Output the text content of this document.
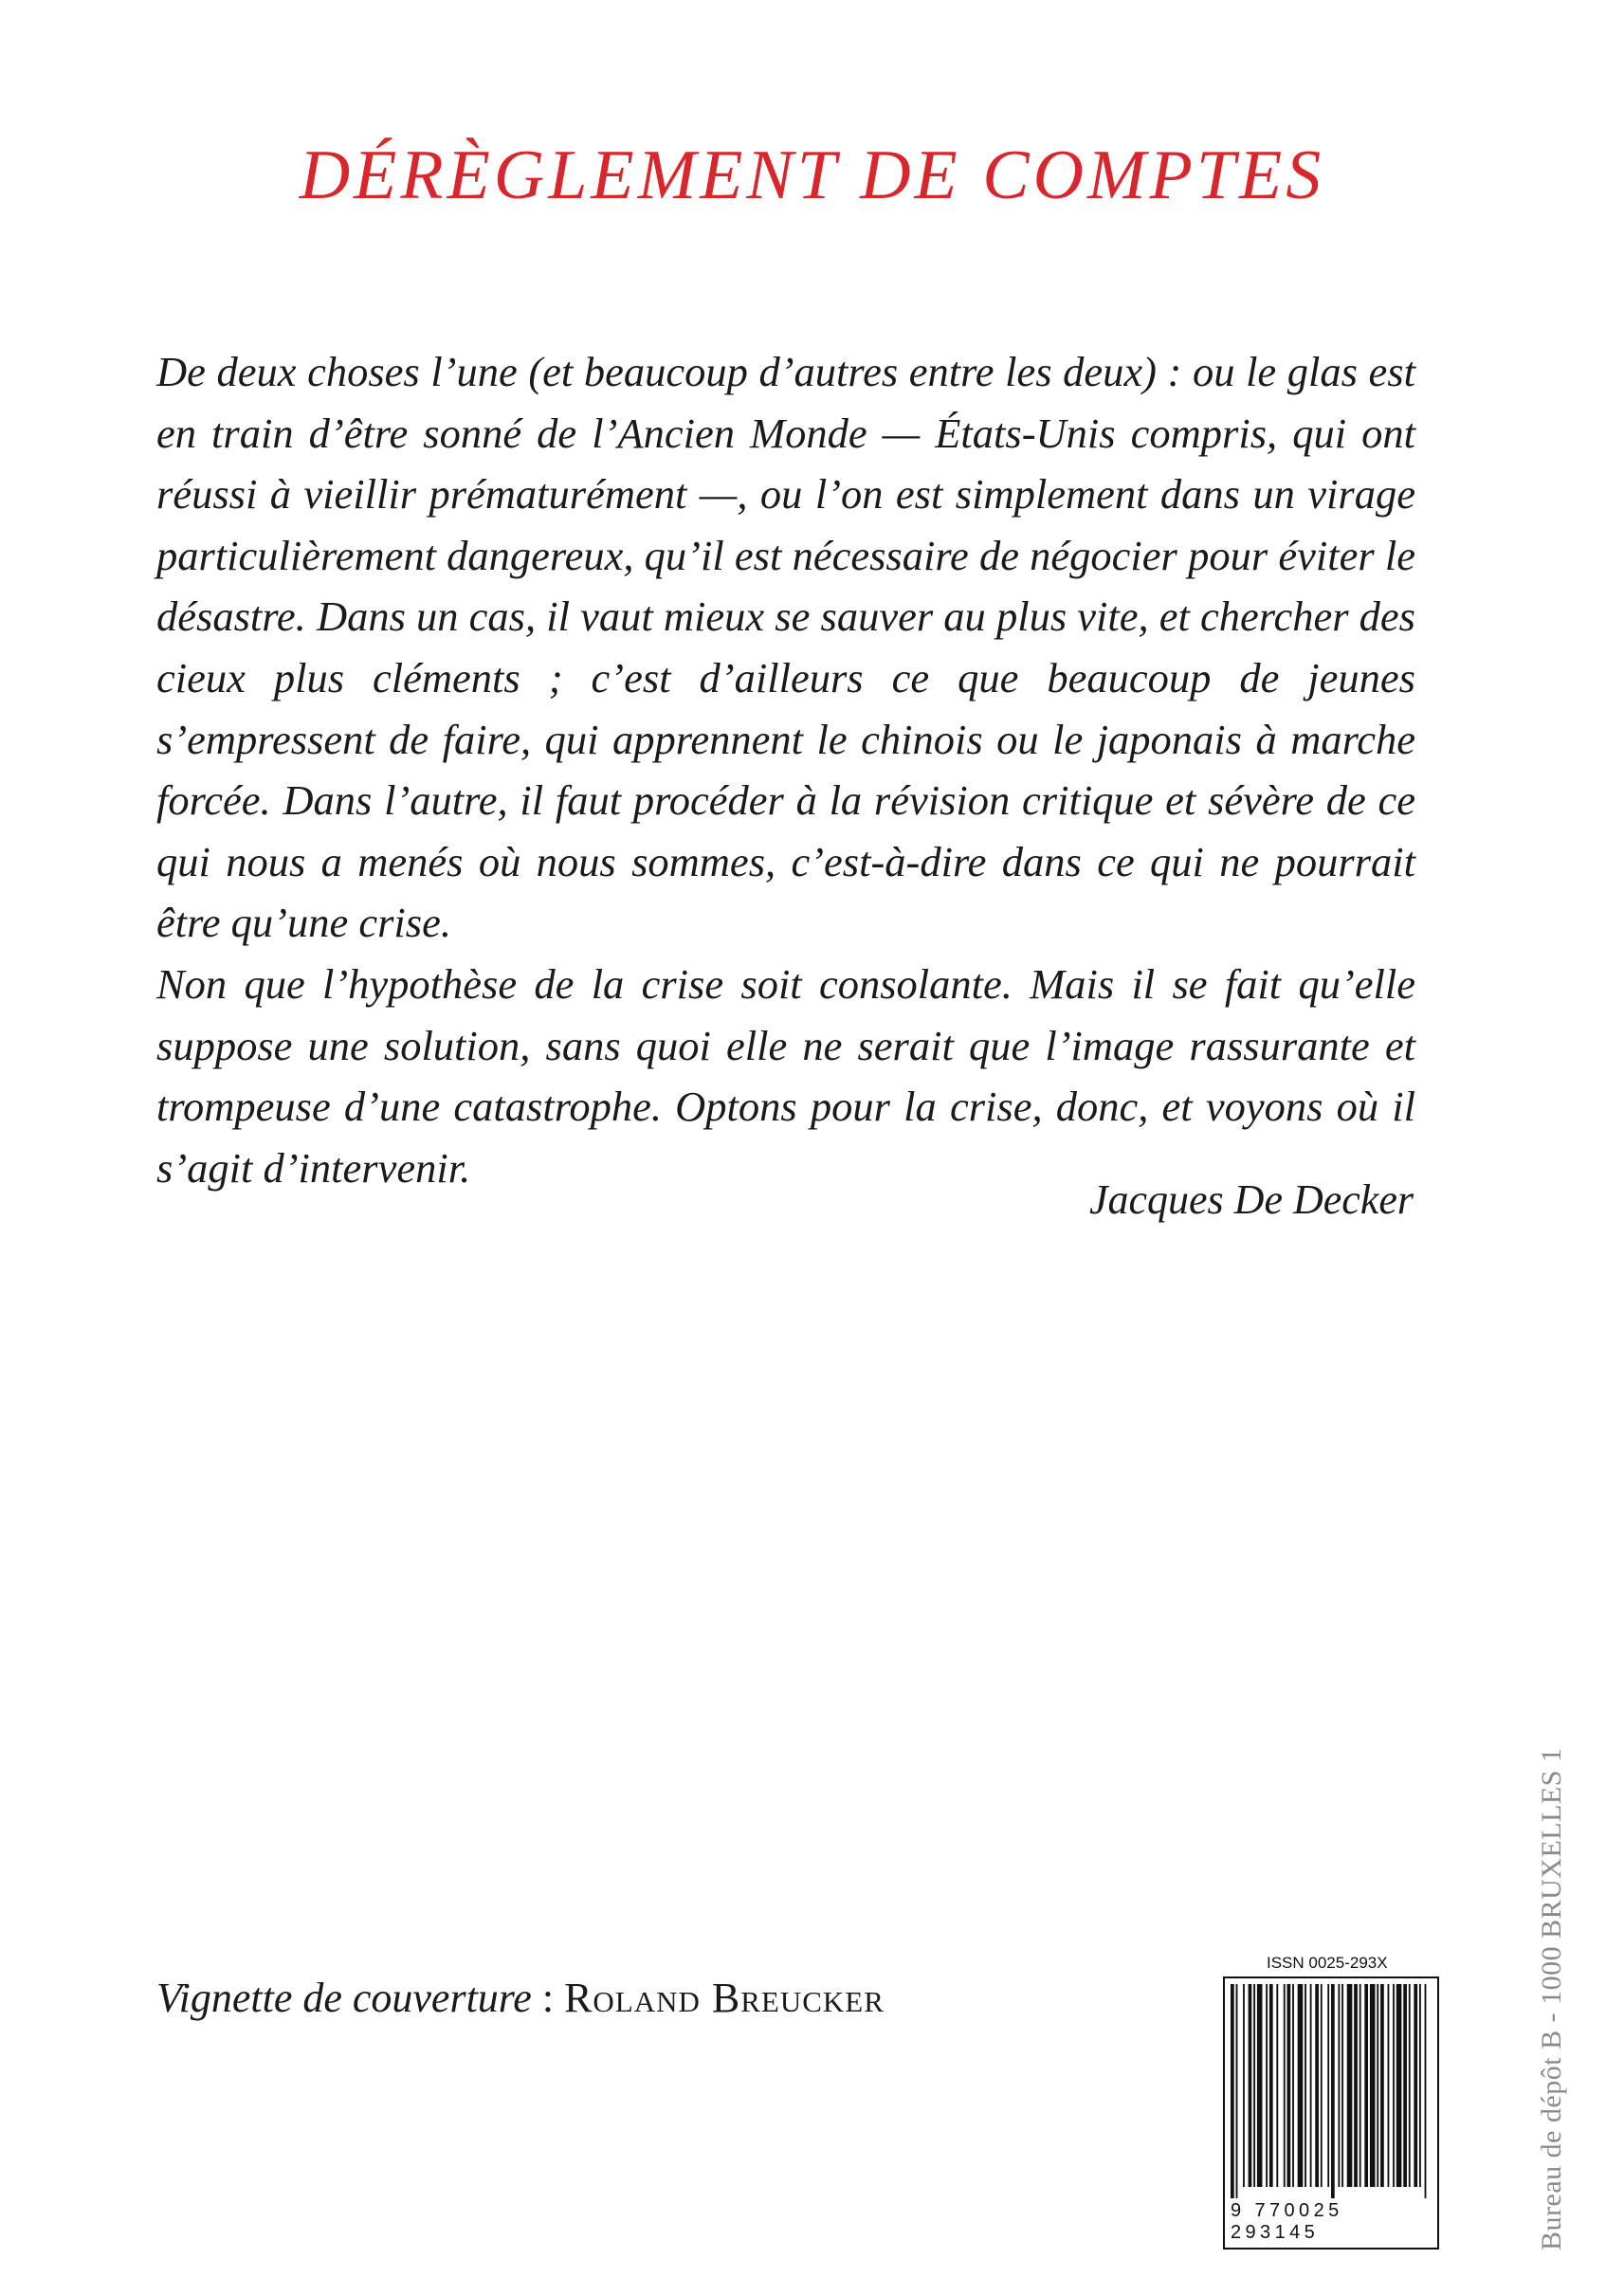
DÉRÈGLEMENT DE COMPTES

De deux choses l’une (et beaucoup d’autres entre les deux) : ou le glas est en train d’être sonné de l’Ancien Monde — États-Unis compris, qui ont réussi à vieillir prématurément —, ou l’on est simplement dans un virage particulièrement dangereux, qu’il est nécessaire de négocier pour éviter le désastre. Dans un cas, il vaut mieux se sauver au plus vite, et chercher des cieux plus cléments ; c’est d’ailleurs ce que beaucoup de jeunes s’empressent de faire, qui apprennent le chinois ou le japonais à marche forcée. Dans l’autre, il faut procéder à la révision critique et sévère de ce qui nous a menés où nous sommes, c’est-à-dire dans ce qui ne pourrait être qu’une crise.

Non que l’hypothèse de la crise soit consolante. Mais il se fait qu’elle suppose une solution, sans quoi elle ne serait que l’image rassurante et trompeuse d’une catastrophe. Optons pour la crise, donc, et voyons où il s’agit d’intervenir.

Jacques De Decker
Vignette de couverture : Roland Breucker
ISSN 0025-293X
9 770025 293145	Bureau de dépôt B - 1000 BRUXELLES 1
